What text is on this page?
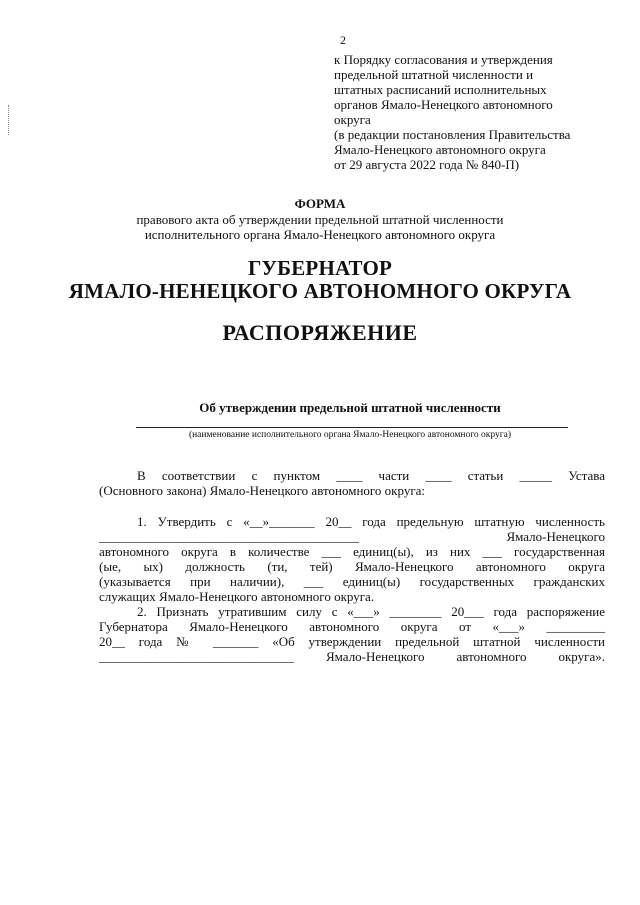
2
к Порядку согласования и утверждения
предельной штатной численности и
штатных расписаний исполнительных
органов Ямало-Ненецкого автономного
округа
(в редакции постановления Правительства
Ямало-Ненецкого автономного округа
от 29 августа 2022 года № 840-П)
ФОРМА
правового акта об утверждении предельной штатной численности
исполнительного органа Ямало-Ненецкого автономного округа
ГУБЕРНАТОР
ЯМАЛО-НЕНЕЦКОГО АВТОНОМНОГО ОКРУГА
РАСПОРЯЖЕНИЕ
Об утверждении предельной штатной численности
(наименование исполнительного органа Ямало-Ненецкого автономного округа)
В соответствии с пунктом ____ части ____ статьи _____ Устава
(Основного закона) Ямало-Ненецкого автономного округа:
1. Утвердить с «__»_______ 20__ года предельную штатную численность
________________________________________ Ямало-Ненецкого
автономного округа в количестве ___ единиц(ы), из них ___ государственная
(ые, ых) должность (ти, тей) Ямало-Ненецкого автономного округа
(указывается при наличии), ___ единиц(ы) государственных гражданских
служащих Ямало-Ненецкого автономного округа.
2. Признать утратившим силу с «___» ________ 20___ года распоряжение
Губернатора Ямало-Ненецкого автономного округа от «___» _________
20__ года № _______ «Об утверждении предельной штатной численности
______________________________ Ямало-Ненецкого автономного округа».
